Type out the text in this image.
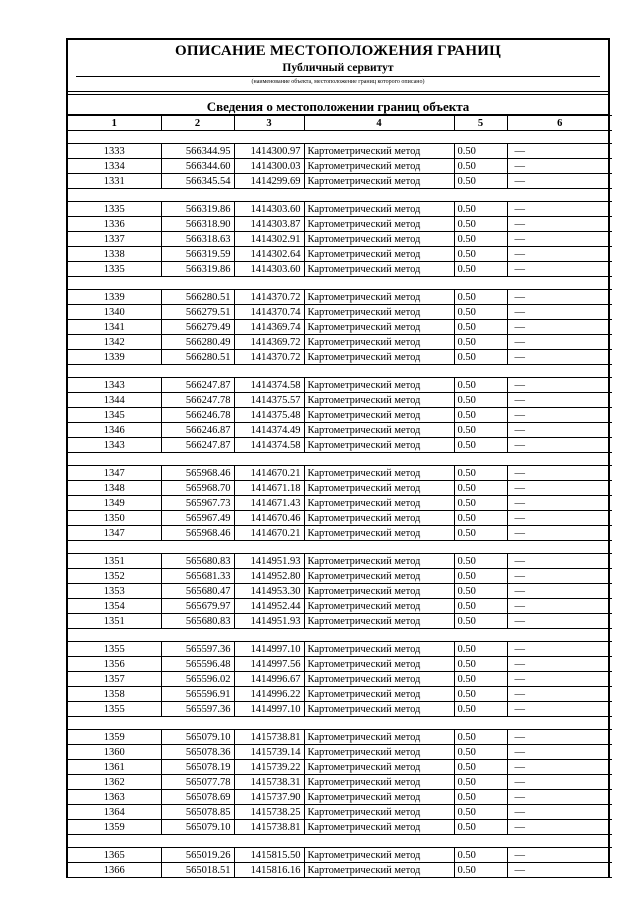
ОПИСАНИЕ МЕСТОПОЛОЖЕНИЯ ГРАНИЦ
Публичный сервитут
(наименование объекта, местоположение границ которого описано)
Сведения о местоположении границ объекта
1	2	3	4	5	6

1333	566344.95	1414300.97	Картометрический метод	0.50	—
1334	566344.60	1414300.03	Картометрический метод	0.50	—
1331	566345.54	1414299.69	Картометрический метод	0.50	—

1335	566319.86	1414303.60	Картометрический метод	0.50	—
1336	566318.90	1414303.87	Картометрический метод	0.50	—
1337	566318.63	1414302.91	Картометрический метод	0.50	—
1338	566319.59	1414302.64	Картометрический метод	0.50	—
1335	566319.86	1414303.60	Картометрический метод	0.50	—

1339	566280.51	1414370.72	Картометрический метод	0.50	—
1340	566279.51	1414370.74	Картометрический метод	0.50	—
1341	566279.49	1414369.74	Картометрический метод	0.50	—
1342	566280.49	1414369.72	Картометрический метод	0.50	—
1339	566280.51	1414370.72	Картометрический метод	0.50	—

1343	566247.87	1414374.58	Картометрический метод	0.50	—
1344	566247.78	1414375.57	Картометрический метод	0.50	—
1345	566246.78	1414375.48	Картометрический метод	0.50	—
1346	566246.87	1414374.49	Картометрический метод	0.50	—
1343	566247.87	1414374.58	Картометрический метод	0.50	—

1347	565968.46	1414670.21	Картометрический метод	0.50	—
1348	565968.70	1414671.18	Картометрический метод	0.50	—
1349	565967.73	1414671.43	Картометрический метод	0.50	—
1350	565967.49	1414670.46	Картометрический метод	0.50	—
1347	565968.46	1414670.21	Картометрический метод	0.50	—

1351	565680.83	1414951.93	Картометрический метод	0.50	—
1352	565681.33	1414952.80	Картометрический метод	0.50	—
1353	565680.47	1414953.30	Картометрический метод	0.50	—
1354	565679.97	1414952.44	Картометрический метод	0.50	—
1351	565680.83	1414951.93	Картометрический метод	0.50	—

1355	565597.36	1414997.10	Картометрический метод	0.50	—
1356	565596.48	1414997.56	Картометрический метод	0.50	—
1357	565596.02	1414996.67	Картометрический метод	0.50	—
1358	565596.91	1414996.22	Картометрический метод	0.50	—
1355	565597.36	1414997.10	Картометрический метод	0.50	—

1359	565079.10	1415738.81	Картометрический метод	0.50	—
1360	565078.36	1415739.14	Картометрический метод	0.50	—
1361	565078.19	1415739.22	Картометрический метод	0.50	—
1362	565077.78	1415738.31	Картометрический метод	0.50	—
1363	565078.69	1415737.90	Картометрический метод	0.50	—
1364	565078.85	1415738.25	Картометрический метод	0.50	—
1359	565079.10	1415738.81	Картометрический метод	0.50	—

1365	565019.26	1415815.50	Картометрический метод	0.50	—
1366	565018.51	1415816.16	Картометрический метод	0.50	—
